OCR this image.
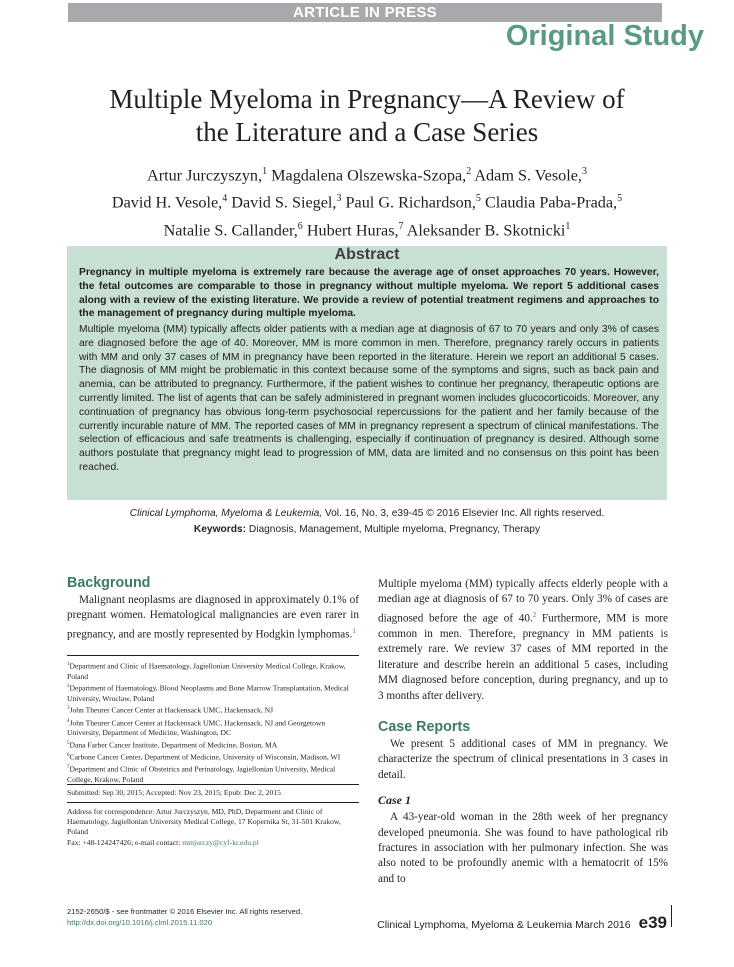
ARTICLE IN PRESS
Original Study
Multiple Myeloma in Pregnancy—A Review of
the Literature and a Case Series
Artur Jurczyszyn,$^1$ Magdalena Olszewska-Szopa,$^2$ Adam S. Vesole,$^3$
David H. Vesole,$^4$ David S. Siegel,$^3$ Paul G. Richardson,$^5$ Claudia Paba-Prada,$^5$
Natalie S. Callander,$^6$ Hubert Huras,$^7$ Aleksander B. Skotnicki$^1$
Abstract
Pregnancy in multiple myeloma is extremely rare because the average age of onset approaches 70 years. However, the fetal outcomes are comparable to those in pregnancy without multiple myeloma. We report 5 additional cases along with a review of the existing literature. We provide a review of potential treatment regimens and approaches to the management of pregnancy during multiple myeloma.
Multiple myeloma (MM) typically affects older patients with a median age at diagnosis of 67 to 70 years and only 3% of cases are diagnosed before the age of 40. Moreover, MM is more common in men. Therefore, pregnancy rarely occurs in patients with MM and only 37 cases of MM in pregnancy have been reported in the literature. Herein we report an additional 5 cases. The diagnosis of MM might be problematic in this context because some of the symptoms and signs, such as back pain and anemia, can be attributed to pregnancy. Furthermore, if the patient wishes to continue her pregnancy, therapeutic options are currently limited. The list of agents that can be safely administered in pregnant women includes glucocorticoids. Moreover, any continuation of pregnancy has obvious long-term psychosocial repercussions for the patient and her family because of the currently incurable nature of MM. The reported cases of MM in pregnancy represent a spectrum of clinical manifestations. The selection of efficacious and safe treatments is challenging, especially if continuation of pregnancy is desired. Although some authors postulate that pregnancy might lead to progression of MM, data are limited and no consensus on this point has been reached.
Clinical Lymphoma, Myeloma & Leukemia, Vol. 16, No. 3, e39-45 © 2016 Elsevier Inc. All rights reserved.
Keywords: Diagnosis, Management, Multiple myeloma, Pregnancy, Therapy
Background
Malignant neoplasms are diagnosed in approximately 0.1% of pregnant women. Hematological malignancies are even rarer in pregnancy, and are mostly represented by Hodgkin lymphomas.$^1$

$^1$Department and Clinic of Haematology, Jagiellonian University Medical College, Krakow, Poland

$^2$Department of Haematology, Blood Neoplasms and Bone Marrow Transplantation, Medical University, Wroclaw, Poland

$^3$John Theurer Cancer Center at Hackensack UMC, Hackensack, NJ

$^4$John Theurer Cancer Center at Hackensack UMC, Hackensack, NJ and Georgetown University, Department of Medicine, Washington, DC

$^5$Dana Farber Cancer Institute, Department of Medicine, Boston, MA

$^6$Carbone Cancer Center, Department of Medicine, University of Wisconsin, Madison, WI

$^7$Department and Clinic of Obstetrics and Perinatology, Jagiellonian University, Medical College, Krakow, Poland

Submitted: Sep 30, 2015; Accepted: Nov 23, 2015; Epub: Dec 2, 2015

Address for correspondence: Artur Jurczyszyn, MD, PhD, Department and Clinic of Haematology, Jagiellonian University Medical College, 17 Kopernika St, 31-501 Krakow, Poland

Fax: +48-124247426; e-mail contact: mmjurczy@cyf-kr.edu.pl

Multiple myeloma (MM) typically affects elderly people with a median age at diagnosis of 67 to 70 years. Only 3% of cases are diagnosed before the age of 40.$^2$ Furthermore, MM is more common in men. Therefore, pregnancy in MM patients is extremely rare. We review 37 cases of MM reported in the literature and describe herein an additional 5 cases, including MM diagnosed before conception, during pregnancy, and up to 3 months after delivery.
Case Reports
We present 5 additional cases of MM in pregnancy. We characterize the spectrum of clinical presentations in 3 cases in detail.
Case 1
A 43-year-old woman in the 28th week of her pregnancy developed pneumonia. She was found to have pathological rib fractures in association with her pulmonary infection. She was also noted to be profoundly anemic with a hematocrit of 15% and to
2152-2650/$ - see frontmatter © 2016 Elsevier Inc. All rights reserved.
http://dx.doi.org/10.1016/j.clml.2015.11.020	Clinical Lymphoma, Myeloma & Leukemia March 2016 e39
